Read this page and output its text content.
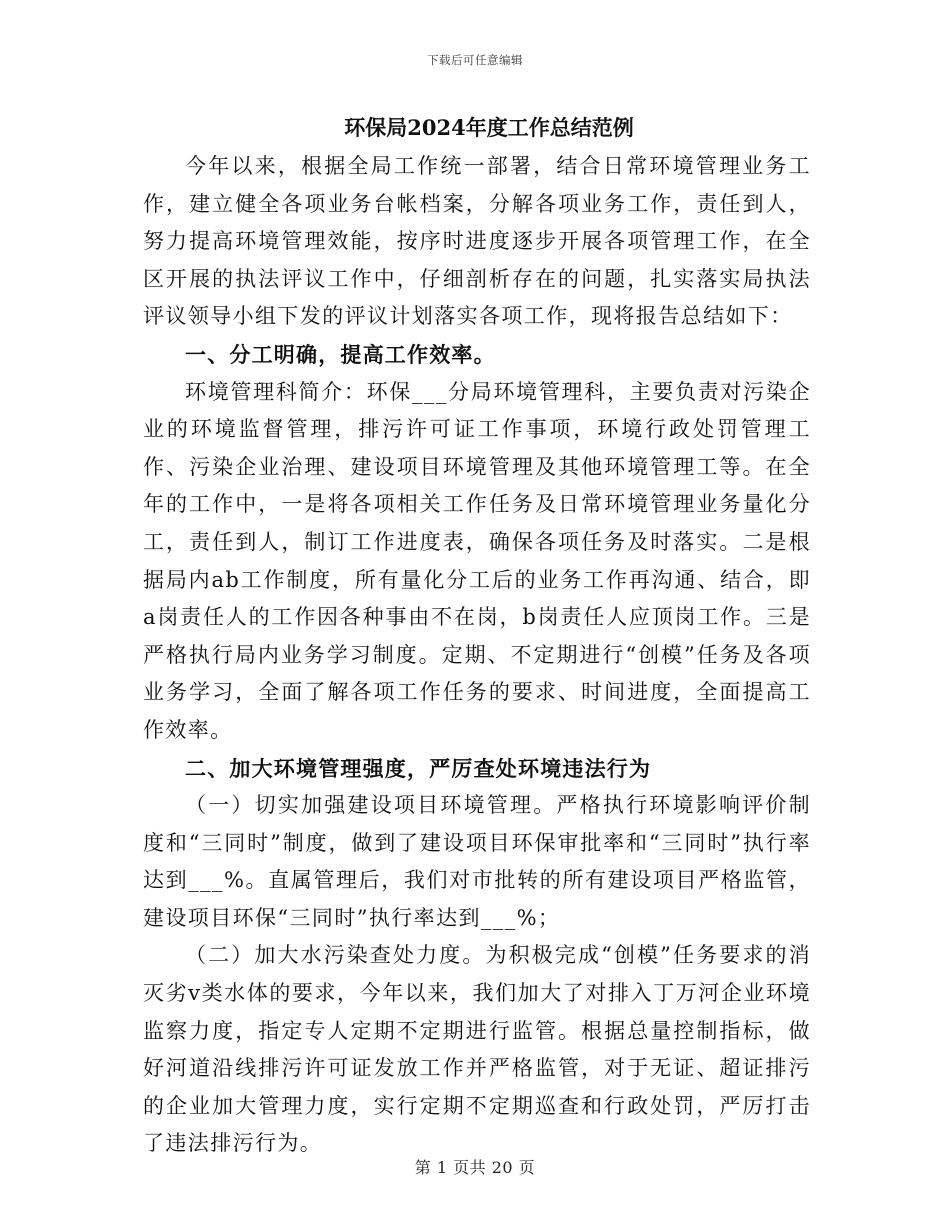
下载后可任意编辑
环保局2024年度工作总结范例

今年以来，根据全局工作统一部署，结合日常环境管理业务工作，建立健全各项业务台帐档案，分解各项业务工作，责任到人，努力提高环境管理效能，按序时进度逐步开展各项管理工作，在全区开展的执法评议工作中，仔细剖析存在的问题，扎实落实局执法评议领导小组下发的评议计划落实各项工作，现将报告总结如下：

一、分工明确，提高工作效率。

环境管理科简介：环保___分局环境管理科，主要负责对污染企业的环境监督管理，排污许可证工作事项，环境行政处罚管理工作、污染企业治理、建设项目环境管理及其他环境管理工等。在全年的工作中，一是将各项相关工作任务及日常环境管理业务量化分工，责任到人，制订工作进度表，确保各项任务及时落实。二是根据局内ab工作制度，所有量化分工后的业务工作再沟通、结合，即a岗责任人的工作因各种事由不在岗，b岗责任人应顶岗工作。三是严格执行局内业务学习制度。定期、不定期进行“创模”任务及各项业务学习，全面了解各项工作任务的要求、时间进度，全面提高工作效率。

二、加大环境管理强度，严厉查处环境违法行为

（一）切实加强建设项目环境管理。严格执行环境影响评价制度和“三同时”制度，做到了建设项目环保审批率和“三同时”执行率达到___%。直属管理后，我们对市批转的所有建设项目严格监管，建设项目环保“三同时”执行率达到___%；

（二）加大水污染查处力度。为积极完成“创模”任务要求的消灭劣v类水体的要求，今年以来，我们加大了对排入丁万河企业环境监察力度，指定专人定期不定期进行监管。根据总量控制指标，做好河道沿线排污许可证发放工作并严格监管，对于无证、超证排污的企业加大管理力度，实行定期不定期巡查和行政处罚，严厉打击了违法排污行为。

第 1 页共 20 页
